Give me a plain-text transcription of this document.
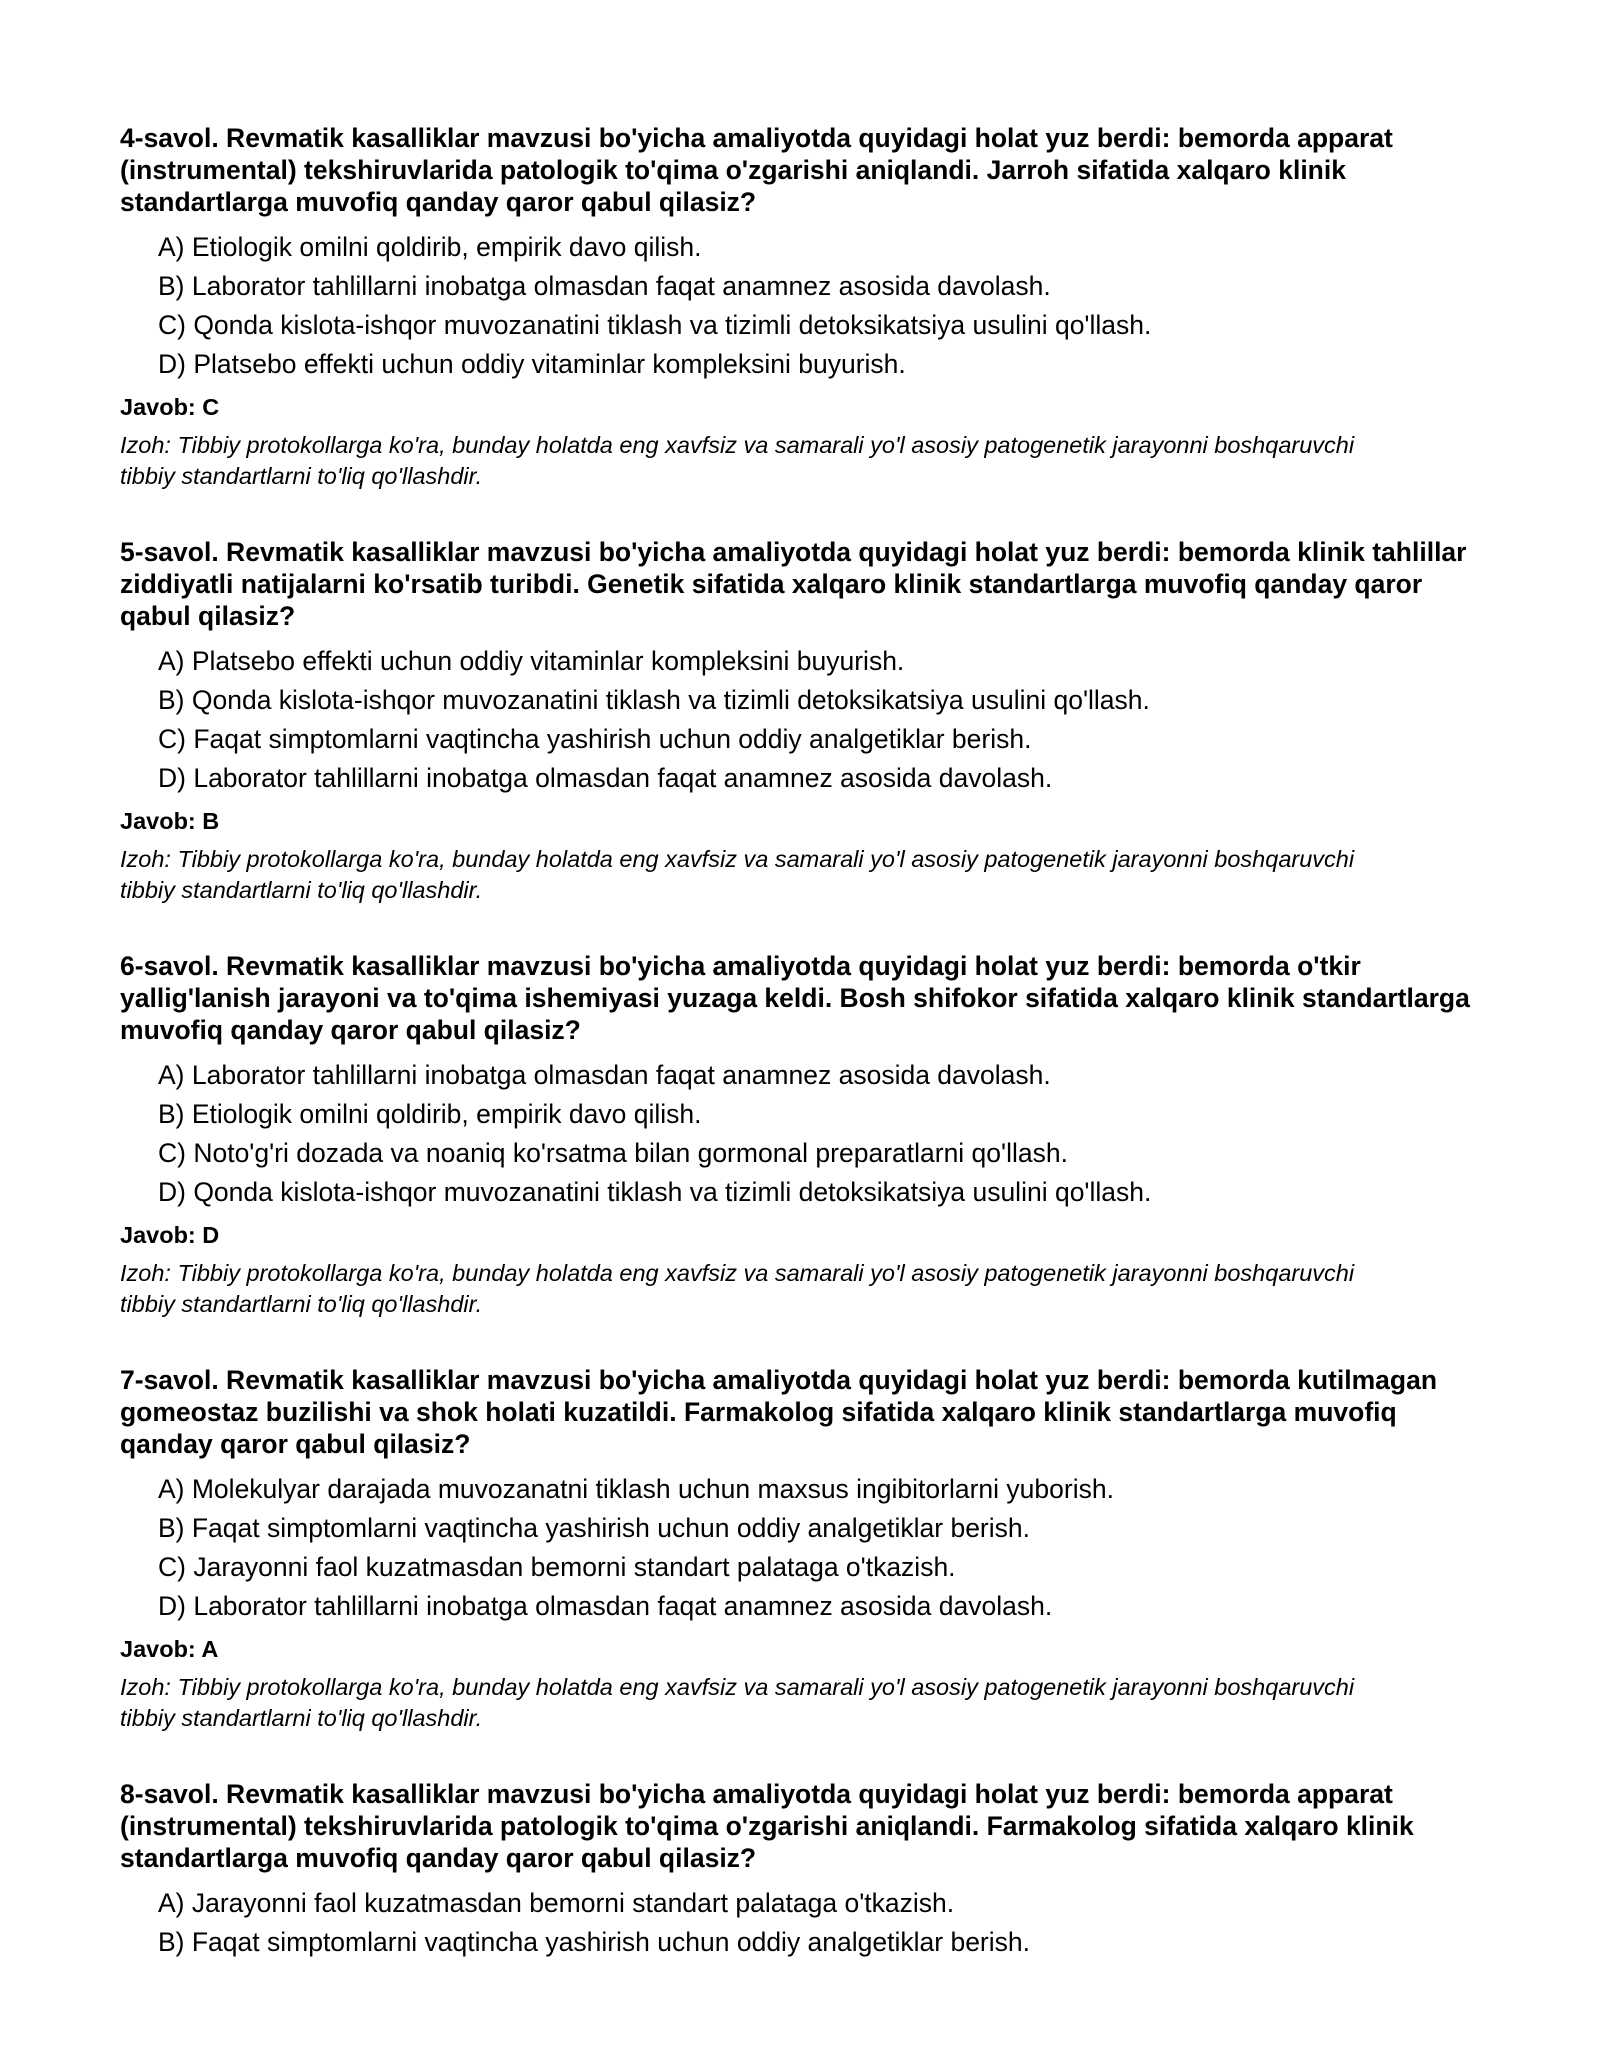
4-savol. Revmatik kasalliklar mavzusi bo'yicha amaliyotda quyidagi holat yuz berdi: bemorda apparat (instrumental) tekshiruvlarida patologik to'qima o'zgarishi aniqlandi. Jarroh sifatida xalqaro klinik standartlarga muvofiq qanday qaror qabul qilasiz?
A) Etiologik omilni qoldirib, empirik davo qilish.
B) Laborator tahlillarni inobatga olmasdan faqat anamnez asosida davolash.
C) Qonda kislota-ishqor muvozanatini tiklash va tizimli detoksikatsiya usulini qo'llash.
D) Platsebo effekti uchun oddiy vitaminlar kompleksini buyurish.
Javob: C
Izoh: Tibbiy protokollarga ko'ra, bunday holatda eng xavfsiz va samarali yo'l asosiy patogenetik jarayonni boshqaruvchi tibbiy standartlarni to'liq qo'llashdir.
5-savol. Revmatik kasalliklar mavzusi bo'yicha amaliyotda quyidagi holat yuz berdi: bemorda klinik tahlillar ziddiyatli natijalarni ko'rsatib turibdi. Genetik sifatida xalqaro klinik standartlarga muvofiq qanday qaror qabul qilasiz?
A) Platsebo effekti uchun oddiy vitaminlar kompleksini buyurish.
B) Qonda kislota-ishqor muvozanatini tiklash va tizimli detoksikatsiya usulini qo'llash.
C) Faqat simptomlarni vaqtincha yashirish uchun oddiy analgetiklar berish.
D) Laborator tahlillarni inobatga olmasdan faqat anamnez asosida davolash.
Javob: B
Izoh: Tibbiy protokollarga ko'ra, bunday holatda eng xavfsiz va samarali yo'l asosiy patogenetik jarayonni boshqaruvchi tibbiy standartlarni to'liq qo'llashdir.
6-savol. Revmatik kasalliklar mavzusi bo'yicha amaliyotda quyidagi holat yuz berdi: bemorda o'tkir yallig'lanish jarayoni va to'qima ishemiyasi yuzaga keldi. Bosh shifokor sifatida xalqaro klinik standartlarga muvofiq qanday qaror qabul qilasiz?
A) Laborator tahlillarni inobatga olmasdan faqat anamnez asosida davolash.
B) Etiologik omilni qoldirib, empirik davo qilish.
C) Noto'g'ri dozada va noaniq ko'rsatma bilan gormonal preparatlarni qo'llash.
D) Qonda kislota-ishqor muvozanatini tiklash va tizimli detoksikatsiya usulini qo'llash.
Javob: D
Izoh: Tibbiy protokollarga ko'ra, bunday holatda eng xavfsiz va samarali yo'l asosiy patogenetik jarayonni boshqaruvchi tibbiy standartlarni to'liq qo'llashdir.
7-savol. Revmatik kasalliklar mavzusi bo'yicha amaliyotda quyidagi holat yuz berdi: bemorda kutilmagan gomeostaz buzilishi va shok holati kuzatildi. Farmakolog sifatida xalqaro klinik standartlarga muvofiq qanday qaror qabul qilasiz?
A) Molekulyar darajada muvozanatni tiklash uchun maxsus ingibitorlarni yuborish.
B) Faqat simptomlarni vaqtincha yashirish uchun oddiy analgetiklar berish.
C) Jarayonni faol kuzatmasdan bemorni standart palataga o'tkazish.
D) Laborator tahlillarni inobatga olmasdan faqat anamnez asosida davolash.
Javob: A
Izoh: Tibbiy protokollarga ko'ra, bunday holatda eng xavfsiz va samarali yo'l asosiy patogenetik jarayonni boshqaruvchi tibbiy standartlarni to'liq qo'llashdir.
8-savol. Revmatik kasalliklar mavzusi bo'yicha amaliyotda quyidagi holat yuz berdi: bemorda apparat (instrumental) tekshiruvlarida patologik to'qima o'zgarishi aniqlandi. Farmakolog sifatida xalqaro klinik standartlarga muvofiq qanday qaror qabul qilasiz?
A) Jarayonni faol kuzatmasdan bemorni standart palataga o'tkazish.
B) Faqat simptomlarni vaqtincha yashirish uchun oddiy analgetiklar berish.
